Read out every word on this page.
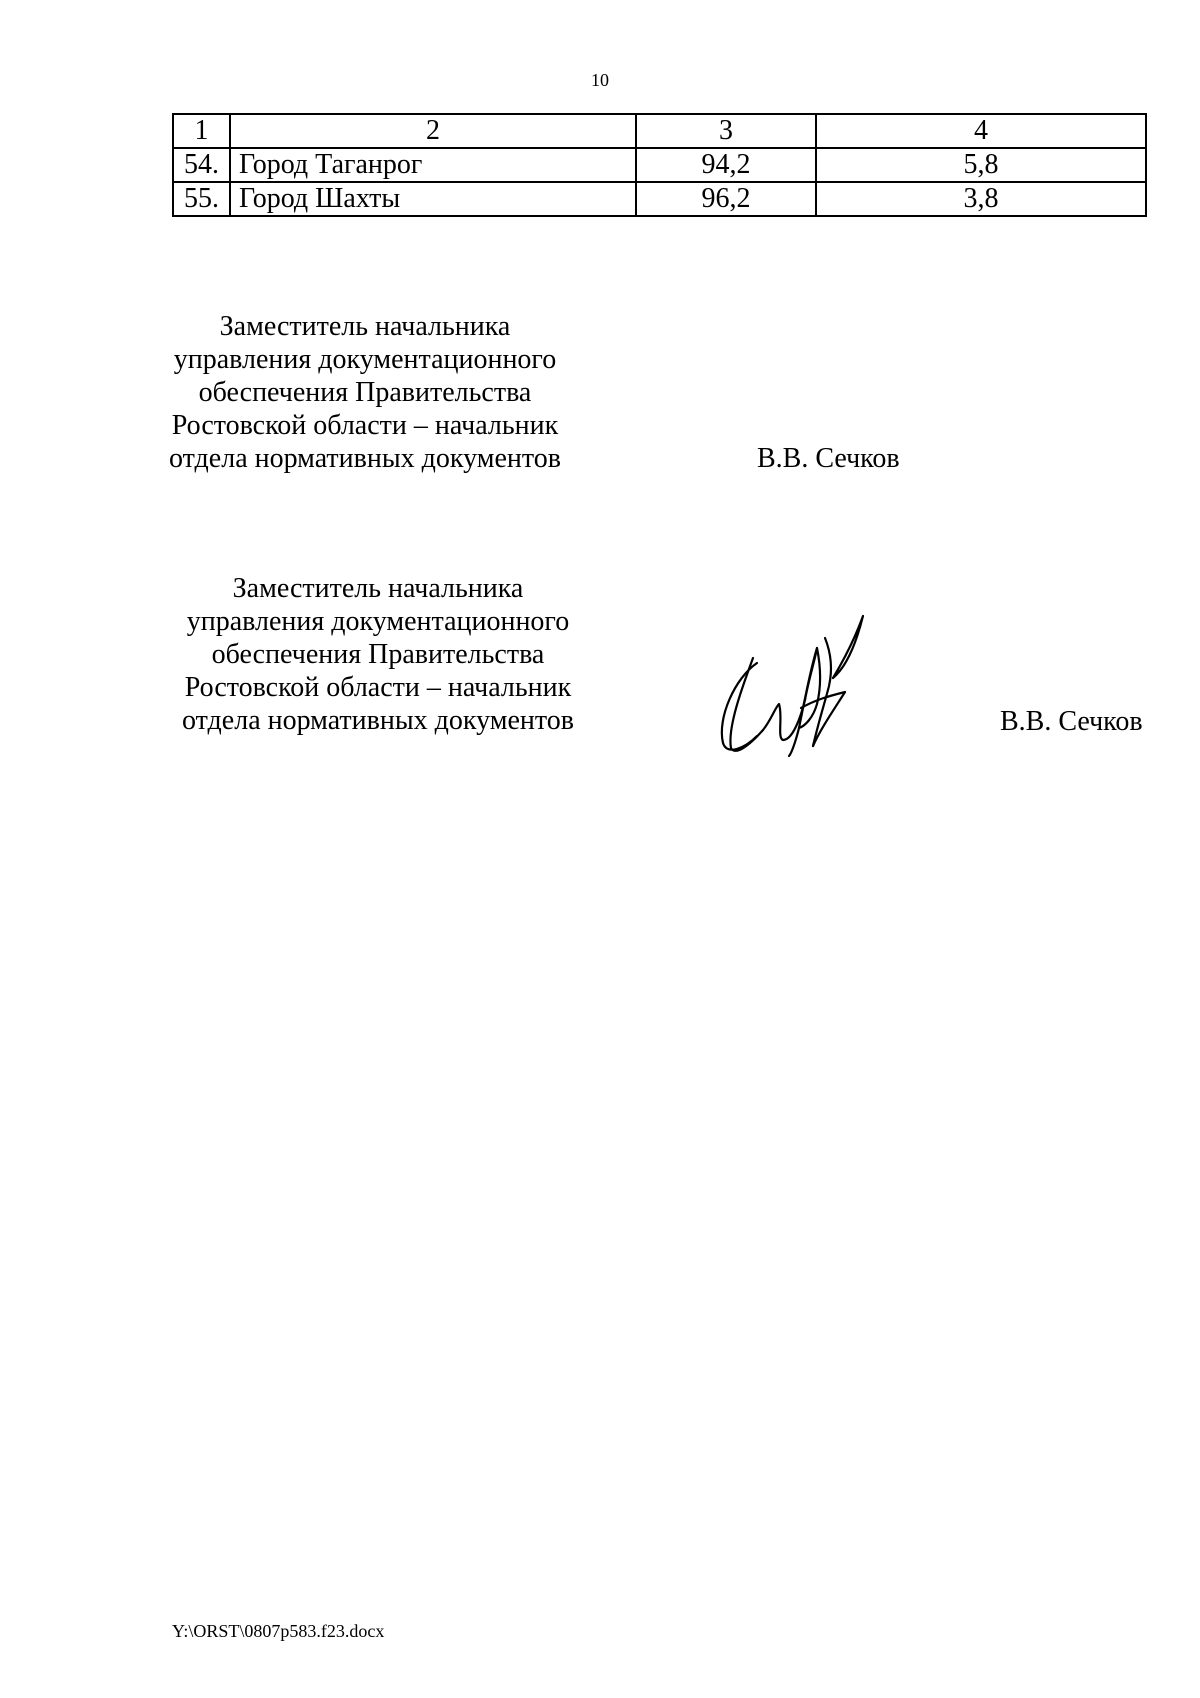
10
1	2	3	4
54.	Город Таганрог	94,2	5,8
55.	Город Шахты	96,2	3,8
Заместитель начальника
управления документационного
обеспечения Правительства
Ростовской области – начальник
отдела нормативных документов	В.В. Сечков
Заместитель начальника
управления документационного
обеспечения Правительства
Ростовской области – начальник
отдела нормативных документов	В.В. Сечков
Y:\ORST\0807p583.f23.docx
